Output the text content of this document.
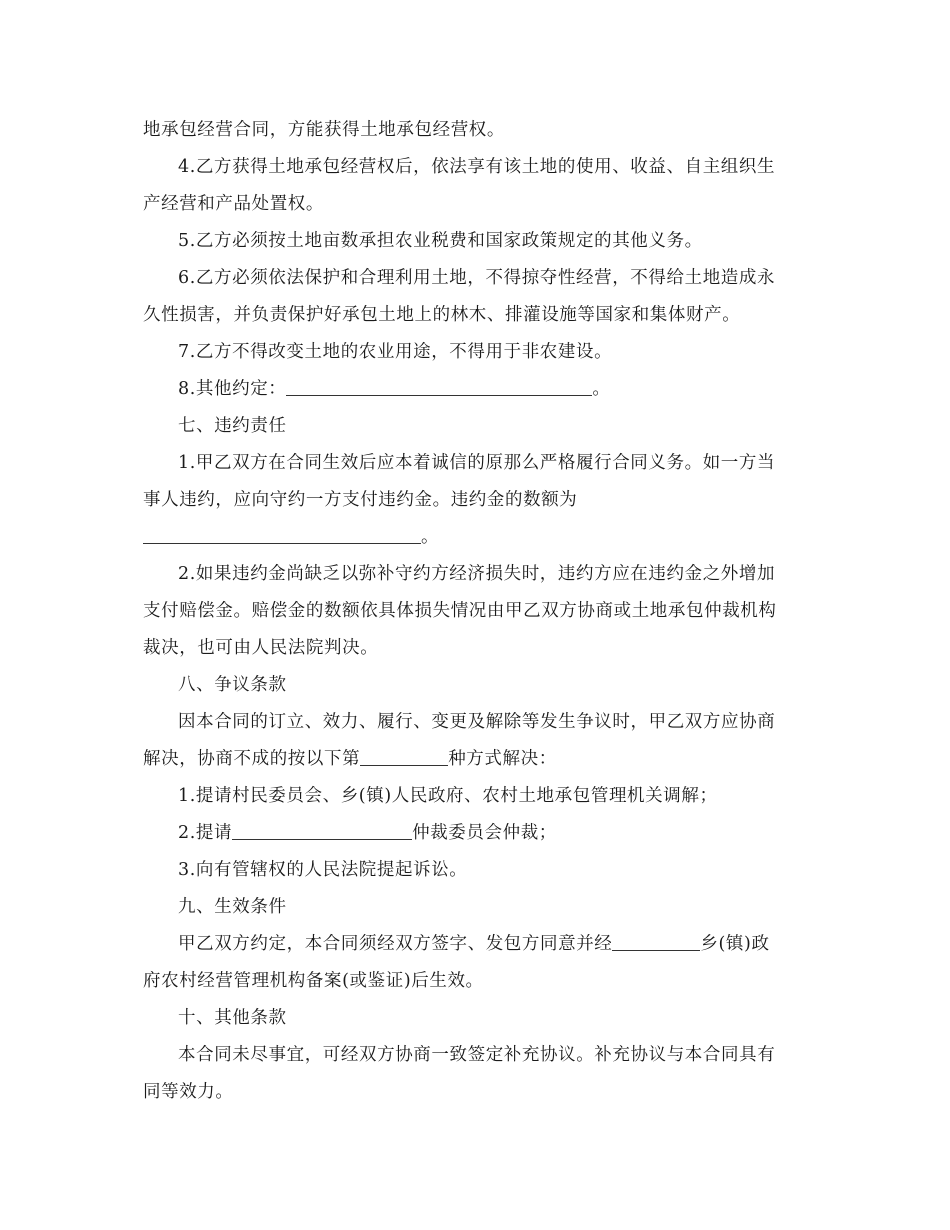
地承包经营合同，方能获得土地承包经营权。
4.乙方获得土地承包经营权后，依法享有该土地的使用、收益、自主组织生
产经营和产品处置权。
5.乙方必须按土地亩数承担农业税费和国家政策规定的其他义务。
6.乙方必须依法保护和合理利用土地，不得掠夺性经营，不得给土地造成永
久性损害，并负责保护好承包土地上的林木、排灌设施等国家和集体财产。
7.乙方不得改变土地的农业用途，不得用于非农建设。
8.其他约定：	。
七、违约责任
1.甲乙双方在合同生效后应本着诚信的原那么严格履行合同义务。如一方当
事人违约，应向守约一方支付违约金。违约金的数额为
。
2.如果违约金尚缺乏以弥补守约方经济损失时，违约方应在违约金之外增加
支付赔偿金。赔偿金的数额依具体损失情况由甲乙双方协商或土地承包仲裁机构
裁决，也可由人民法院判决。
八、争议条款
因本合同的订立、效力、履行、变更及解除等发生争议时，甲乙双方应协商
解决，协商不成的按以下第	种方式解决：
1.提请村民委员会、乡(镇)人民政府、农村土地承包管理机关调解；
2.提请	仲裁委员会仲裁；
3.向有管辖权的人民法院提起诉讼。
九、生效条件
甲乙双方约定，本合同须经双方签字、发包方同意并经	乡(镇)政
府农村经营管理机构备案(或鉴证)后生效。
十、其他条款
本合同未尽事宜，可经双方协商一致签定补充协议。补充协议与本合同具有
同等效力。
